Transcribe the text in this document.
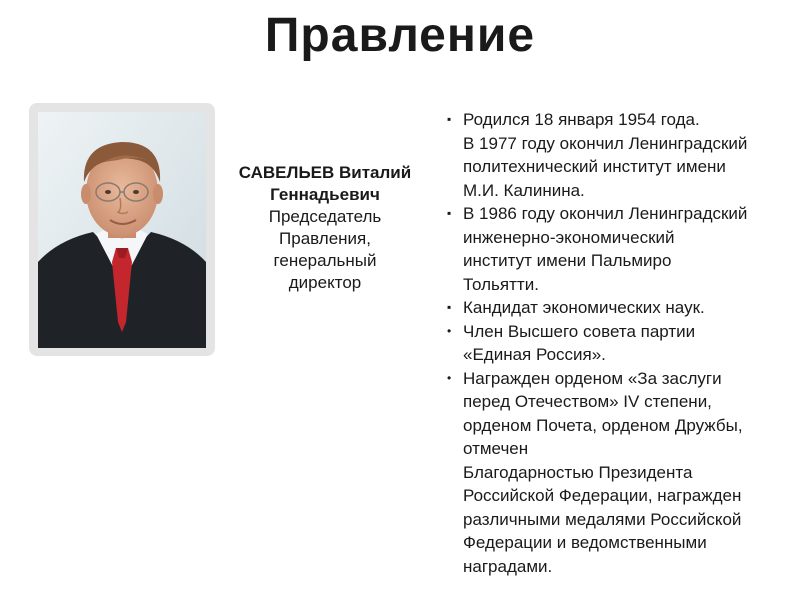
Правление
САВЕЛЬЕВ Виталий
Геннадьевич
Председатель
Правления,
генеральный
директор
▪ Родился 18 января 1954 года.
В 1977 году окончил Ленинградский
политехнический институт имени
М.И. Калинина.
▪ В 1986 году окончил Ленинградский
инженерно-экономический
институт имени Пальмиро
Тольятти.
▪ Кандидат экономических наук.
• Член Высшего совета партии
«Единая Россия».
• Награжден орденом «За заслуги
перед Отечеством» IV степени,
орденом Почета, орденом Дружбы,
отмечен
Благодарностью Президента
Российской Федерации, награжден
различными медалями Российской
Федерации и ведомственными
наградами.
